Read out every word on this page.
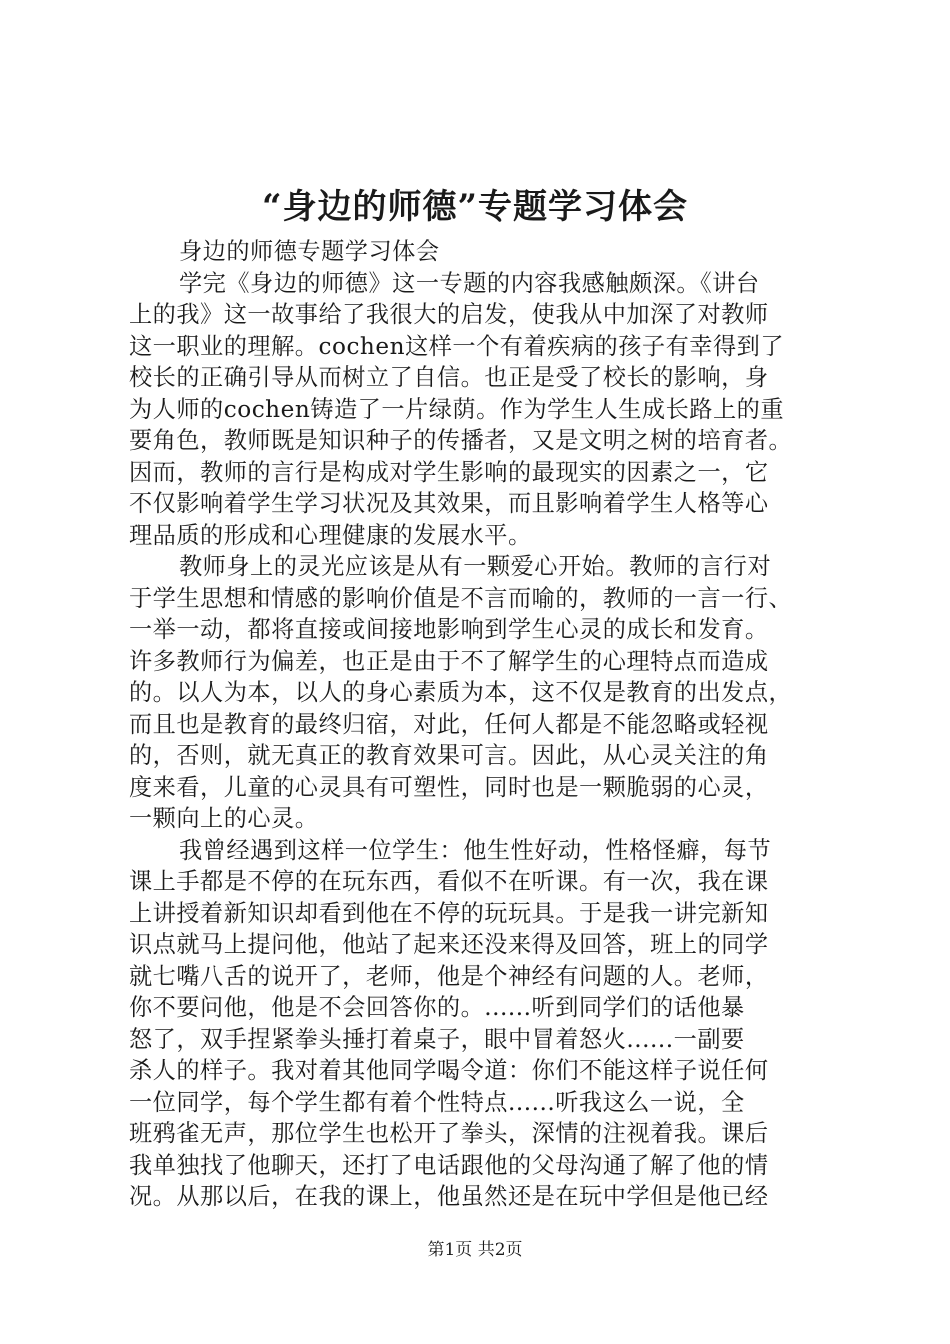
“身边的师德”专题学习体会
身边的师德专题学习体会
学完《身边的师德》这一专题的内容我感触颇深。《讲台
上的我》这一故事给了我很大的启发，使我从中加深了对教师
这一职业的理解。cochen这样一个有着疾病的孩子有幸得到了
校长的正确引导从而树立了自信。也正是受了校长的影响，身
为人师的cochen铸造了一片绿荫。作为学生人生成长路上的重
要角色，教师既是知识种子的传播者，又是文明之树的培育者。
因而，教师的言行是构成对学生影响的最现实的因素之一，它
不仅影响着学生学习状况及其效果，而且影响着学生人格等心
理品质的形成和心理健康的发展水平。
教师身上的灵光应该是从有一颗爱心开始。教师的言行对
于学生思想和情感的影响价值是不言而喻的，教师的一言一行、
一举一动，都将直接或间接地影响到学生心灵的成长和发育。
许多教师行为偏差，也正是由于不了解学生的心理特点而造成
的。以人为本，以人的身心素质为本，这不仅是教育的出发点，
而且也是教育的最终归宿，对此，任何人都是不能忽略或轻视
的，否则，就无真正的教育效果可言。因此，从心灵关注的角
度来看，儿童的心灵具有可塑性，同时也是一颗脆弱的心灵，
一颗向上的心灵。
我曾经遇到这样一位学生：他生性好动，性格怪癖，每节
课上手都是不停的在玩东西，看似不在听课。有一次，我在课
上讲授着新知识却看到他在不停的玩玩具。于是我一讲完新知
识点就马上提问他，他站了起来还没来得及回答，班上的同学
就七嘴八舌的说开了，老师，他是个神经有问题的人。老师，
你不要问他，他是不会回答你的。......听到同学们的话他暴
怒了，双手捏紧拳头捶打着桌子，眼中冒着怒火......一副要
杀人的样子。我对着其他同学喝令道：你们不能这样子说任何
一位同学，每个学生都有着个性特点......听我这么一说，全
班鸦雀无声，那位学生也松开了拳头，深情的注视着我。课后
我单独找了他聊天，还打了电话跟他的父母沟通了解了他的情
况。从那以后，在我的课上，他虽然还是在玩中学但是他已经
第1页 共2页
